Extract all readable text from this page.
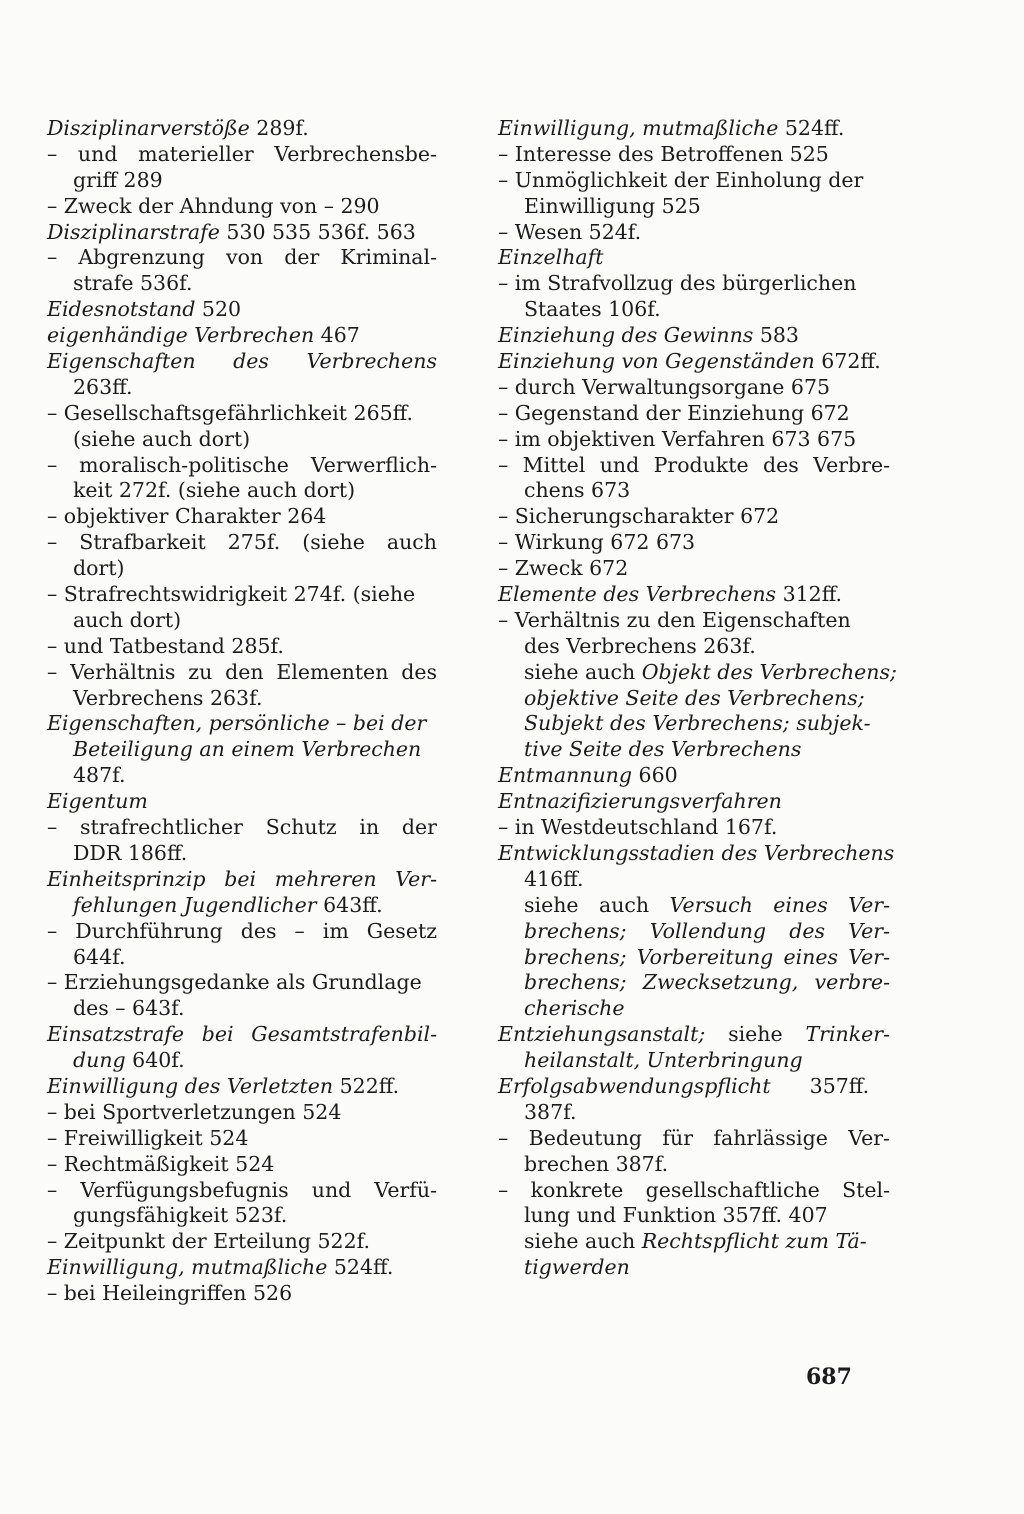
Disziplinarverstöße 289f.
– und materieller Verbrechensbe-
griff 289
– Zweck der Ahndung von – 290
Disziplinarstrafe 530 535 536f. 563
– Abgrenzung von der Kriminal-
strafe 536f.
Eidesnotstand 520
eigenhändige Verbrechen 467
Eigenschaften des Verbrechens
263ff.
– Gesellschaftsgefährlichkeit 265ff.
(siehe auch dort)
– moralisch-politische Verwerflich-
keit 272f. (siehe auch dort)
– objektiver Charakter 264
– Strafbarkeit 275f. (siehe auch
dort)
– Strafrechtswidrigkeit 274f. (siehe
auch dort)
– und Tatbestand 285f.
– Verhältnis zu den Elementen des
Verbrechens 263f.
Eigenschaften, persönliche – bei der
Beteiligung an einem Verbrechen
487f.
Eigentum
– strafrechtlicher Schutz in der
DDR 186ff.
Einheitsprinzip bei mehreren Ver-
fehlungen Jugendlicher 643ff.
– Durchführung des – im Gesetz
644f.
– Erziehungsgedanke als Grundlage
des – 643f.
Einsatzstrafe bei Gesamtstrafenbil-
dung 640f.
Einwilligung des Verletzten 522ff.
– bei Sportverletzungen 524
– Freiwilligkeit 524
– Rechtmäßigkeit 524
– Verfügungsbefugnis und Verfü-
gungsfähigkeit 523f.
– Zeitpunkt der Erteilung 522f.
Einwilligung, mutmaßliche 524ff.
– bei Heileingriffen 526
Einwilligung, mutmaßliche 524ff.
– Interesse des Betroffenen 525
– Unmöglichkeit der Einholung der
Einwilligung 525
– Wesen 524f.
Einzelhaft
– im Strafvollzug des bürgerlichen
Staates 106f.
Einziehung des Gewinns 583
Einziehung von Gegenständen 672ff.
– durch Verwaltungsorgane 675
– Gegenstand der Einziehung 672
– im objektiven Verfahren 673 675
– Mittel und Produkte des Verbre-
chens 673
– Sicherungscharakter 672
– Wirkung 672 673
– Zweck 672
Elemente des Verbrechens 312ff.
– Verhältnis zu den Eigenschaften
des Verbrechens 263f.
siehe auch Objekt des Verbrechens;
objektive Seite des Verbrechens;
Subjekt des Verbrechens; subjek-
tive Seite des Verbrechens
Entmannung 660
Entnazifizierungsverfahren
– in Westdeutschland 167f.
Entwicklungsstadien des Verbrechens
416ff.
siehe auch Versuch eines Ver-
brechens; Vollendung des Ver-
brechens; Vorbereitung eines Ver-
brechens; Zwecksetzung, verbre-
cherische
Entziehungsanstalt; siehe Trinker-
heilanstalt, Unterbringung
Erfolgsabwendungspflicht      357ff.
387f.
– Bedeutung für fahrlässige Ver-
brechen 387f.
– konkrete gesellschaftliche Stel-
lung und Funktion 357ff. 407
siehe auch Rechtspflicht zum Tä-
tigwerden
687
